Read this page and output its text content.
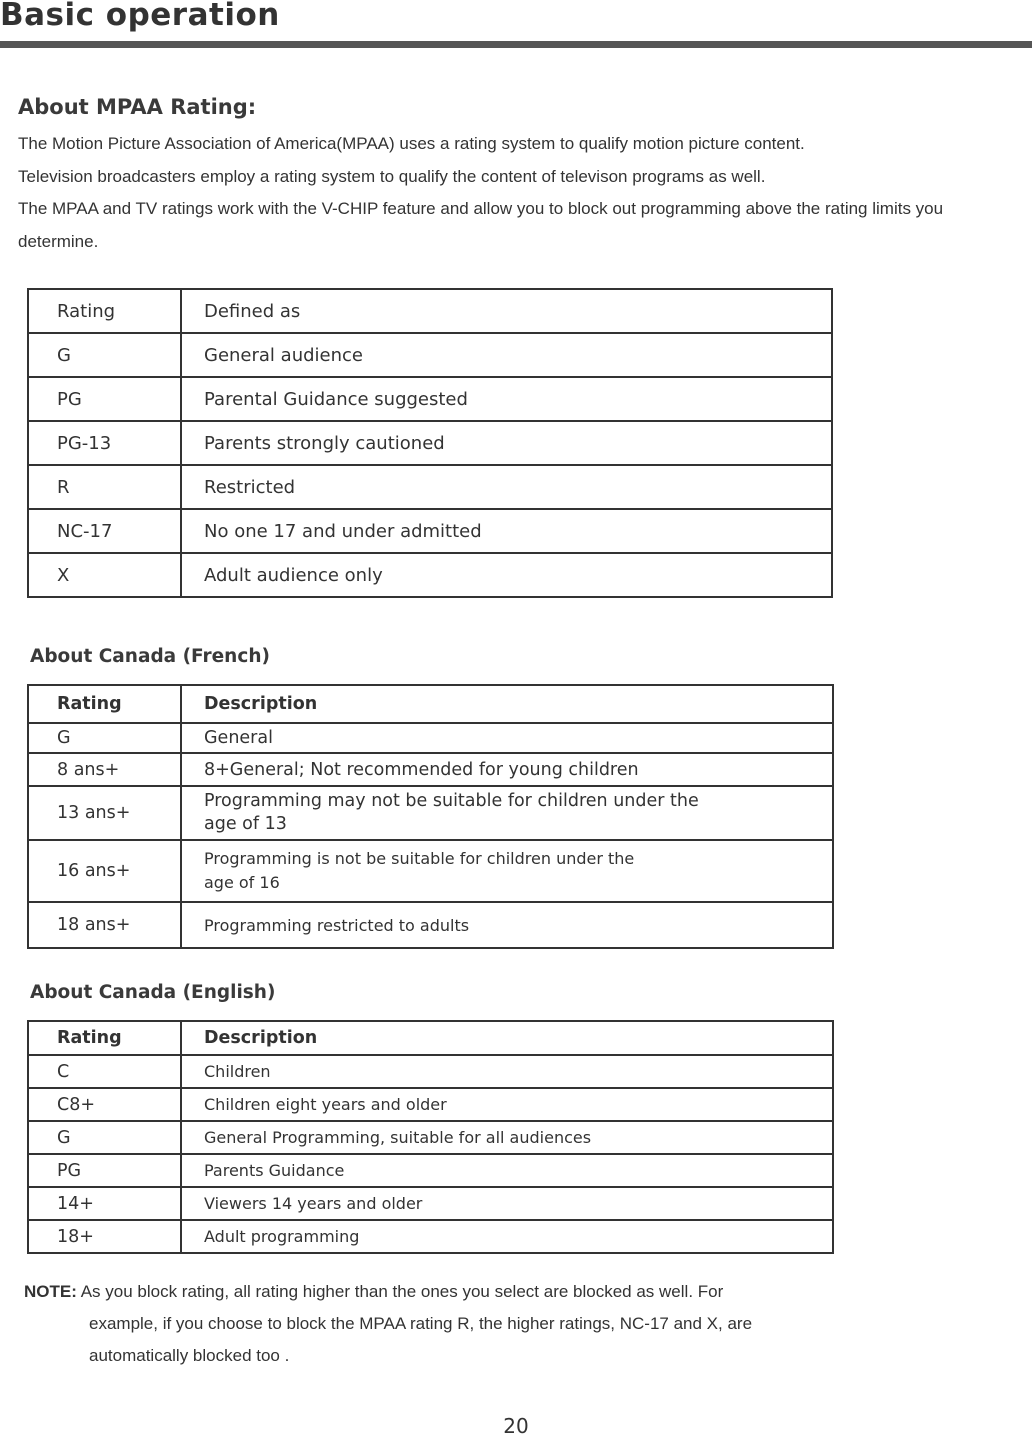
Basic operation
About MPAA Rating:

The Motion Picture Association of America(MPAA) uses a rating system to qualify motion picture content.

Television broadcasters employ a rating system to qualify the content of televison programs as well.

The MPAA and TV ratings work with the V-CHIP feature and allow you to block out programming above the rating limits you determine.

Rating	Defined as
G	General audience
PG	Parental Guidance suggested
PG-13	Parents strongly cautioned
R	Restricted
NC-17	No one 17 and under admitted
X	Adult audience only
About Canada (French)
Rating	Description
G	General
8 ans+	8+General; Not recommended for young children
13 ans+	Programming may not be suitable for children under the age of 13
16 ans+	Programming is not be suitable for children under the age of 16
18 ans+	Programming restricted to adults
About Canada (English)
Rating	Description
C	Children
C8+	Children eight years and older
G	General Programming, suitable for all audiences
PG	Parents Guidance
14+	Viewers 14 years and older
18+	Adult programming
NOTE: As you block rating, all rating higher than the ones you select are blocked as well. For
example, if you choose to block the MPAA rating R, the higher ratings, NC-17 and X, are
automatically blocked too .
20
